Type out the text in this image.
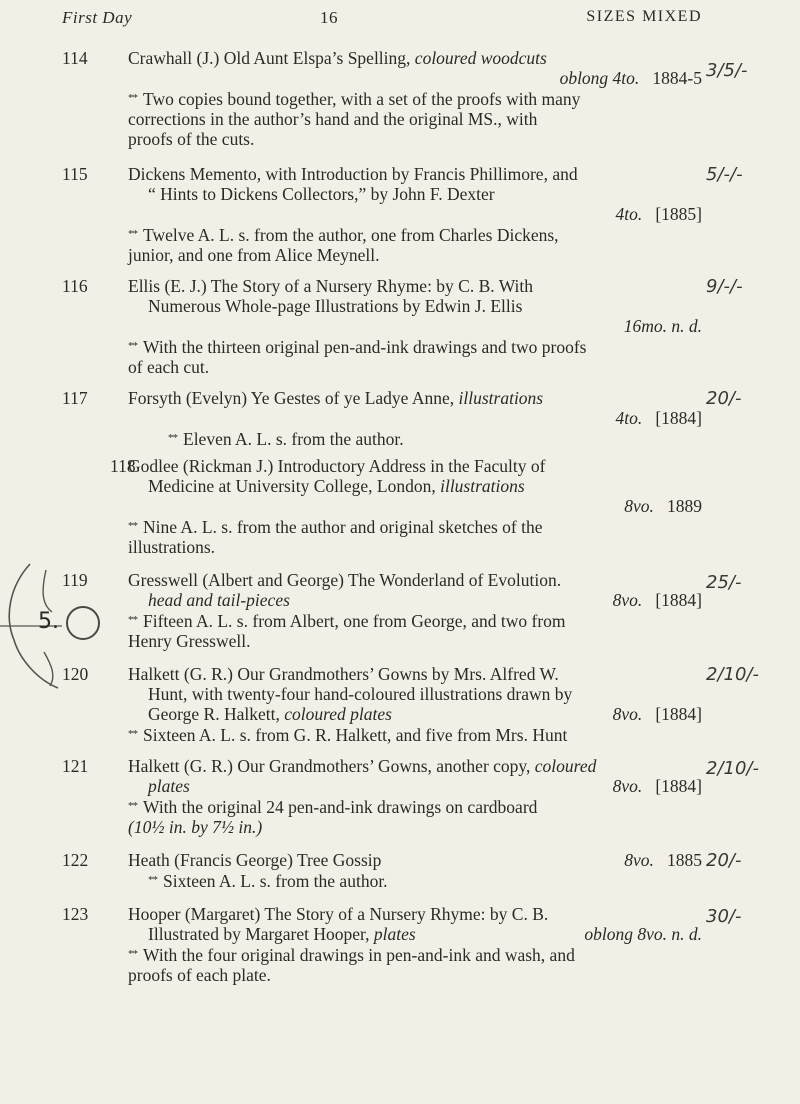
First Day	16	SIZES MIXED
5.
114	Crawhall (J.) Old Aunt Elspa’s Spelling, coloured woodcuts
oblong 4to. 1884-5
** Two copies bound together, with a set of the proofs with many
corrections in the author’s hand and the original MS., with
proofs of the cuts.
3/5/-
115	Dickens Memento, with Introduction by Francis Phillimore, and
“ Hints to Dickens Collectors,” by John F. Dexter
4to. [1885]
** Twelve A. L. s. from the author, one from Charles Dickens,
junior, and one from Alice Meynell.
5/-/-
116	Ellis (E. J.) The Story of a Nursery Rhyme: by C. B. With
Numerous Whole-page Illustrations by Edwin J. Ellis
16mo. n. d.
** With the thirteen original pen-and-ink drawings and two proofs
of each cut.
9/-/-
117	Forsyth (Evelyn) Ye Gestes of ye Ladye Anne, illustrations
4to. [1884]
** Eleven A. L. s. from the author.
20/-
118
Godlee (Rickman J.) Introductory Address in the Faculty of
Medicine at University College, London, illustrations
8vo. 1889
** Nine A. L. s. from the author and original sketches of the
illustrations.
119	Gresswell (Albert and George) The Wonderland of Evolution.
head and tail-pieces	8vo. [1884]
** Fifteen A. L. s. from Albert, one from George, and two from
Henry Gresswell.
25/-
120	Halkett (G. R.) Our Grandmothers’ Gowns by Mrs. Alfred W.
Hunt, with twenty-four hand-coloured illustrations drawn by
George R. Halkett, coloured plates	8vo. [1884]
** Sixteen A. L. s. from G. R. Halkett, and five from Mrs. Hunt
2/10/-
121	Halkett (G. R.) Our Grandmothers’ Gowns, another copy, coloured
plates	8vo. [1884]
** With the original 24 pen-and-ink drawings on cardboard
(10½ in. by 7½ in.)
2/10/-
122	Heath (Francis George) Tree Gossip	8vo. 1885
** Sixteen A. L. s. from the author.
20/-
123	Hooper (Margaret) The Story of a Nursery Rhyme: by C. B.
Illustrated by Margaret Hooper, plates	oblong 8vo. n. d.
** With the four original drawings in pen-and-ink and wash, and
proofs of each plate.
30/-
